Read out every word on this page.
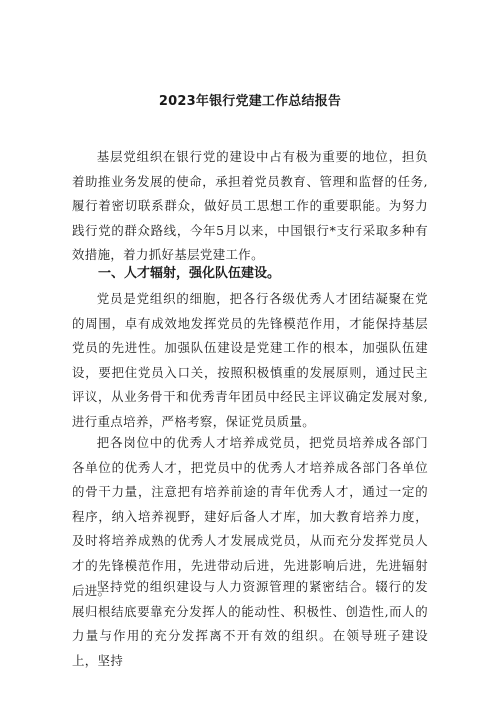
2023年银行党建工作总结报告

基层党组织在银行党的建设中占有极为重要的地位，担负着助推业务发展的使命，承担着党员教育、管理和监督的任务,履行着密切联系群众，做好员工思想工作的重要职能。为努力践行党的群众路线，今年5月以来，中国银行*支行采取多种有效措施，着力抓好基层党建工作。

一、人才辐射，强化队伍建设。

党员是党组织的细胞，把各行各级优秀人才团结凝聚在党的周围，卓有成效地发挥党员的先锋模范作用，才能保持基层党员的先进性。加强队伍建设是党建工作的根本，加强队伍建设，要把住党员入口关，按照积极慎重的发展原则，通过民主评议，从业务骨干和优秀青年团员中经民主评议确定发展对象,进行重点培养，严格考察，保证党员质量。

把各岗位中的优秀人才培养成党员，把党员培养成各部门各单位的优秀人才，把党员中的优秀人才培养成各部门各单位的骨干力量，注意把有培养前途的青年优秀人才，通过一定的程序，纳入培养视野，建好后备人才库，加大教育培养力度，及时将培养成熟的优秀人才发展成党员，从而充分发挥党员人才的先锋模范作用，先进带动后进，先进影响后进，先进辐射后进。

坚持党的组织建设与人力资源管理的紧密结合。辍行的发展归根结底要靠充分发挥人的能动性、积极性、创造性,而人的力量与作用的充分发挥离不开有效的组织。在领导班子建设上，坚持
